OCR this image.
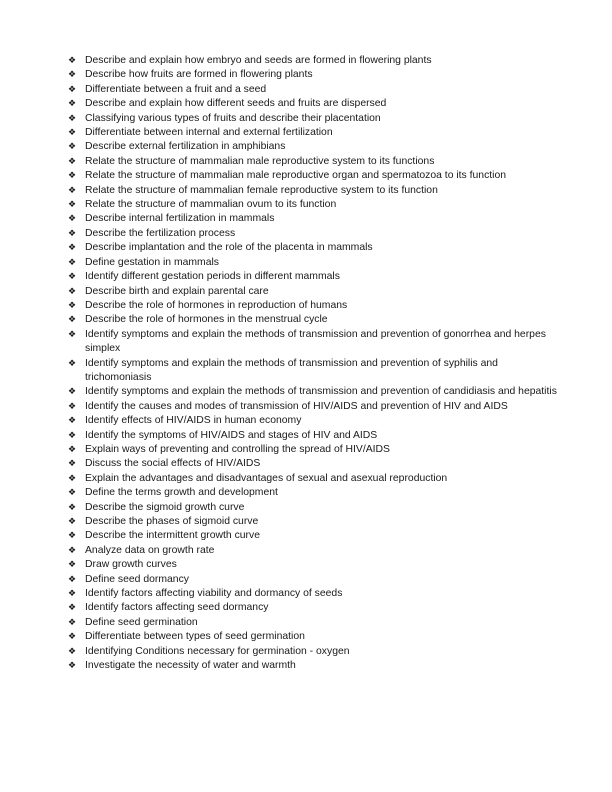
❖ Describe and explain how embryo and seeds are formed in flowering plants
❖ Describe how fruits are formed in flowering plants
❖ Differentiate between a fruit and a seed
❖ Describe and explain how different seeds and fruits are dispersed
❖ Classifying various types of fruits and describe their placentation
❖ Differentiate between internal and external fertilization
❖ Describe external fertilization in amphibians
❖ Relate the structure of mammalian male reproductive system to its functions
❖ Relate the structure of mammalian male reproductive organ and spermatozoa to its function
❖ Relate the structure of mammalian female reproductive system to its function
❖ Relate the structure of mammalian ovum to its function
❖ Describe internal fertilization in mammals
❖ Describe the fertilization process
❖ Describe implantation and the role of the placenta in mammals
❖ Define gestation in mammals
❖ Identify different gestation periods in different mammals
❖ Describe birth and explain parental care
❖ Describe the role of hormones in reproduction of humans
❖ Describe the role of hormones in the menstrual cycle
❖ Identify symptoms and explain the methods of transmission and prevention of gonorrhea and herpes simplex
❖ Identify symptoms and explain the methods of transmission and prevention of syphilis and trichomoniasis
❖ Identify symptoms and explain the methods of transmission and prevention of candidiasis and hepatitis
❖ Identify the causes and modes of transmission of HIV/AIDS and prevention of HIV and AIDS
❖ Identify effects of HIV/AIDS in human economy
❖ Identify the symptoms of HIV/AIDS and stages of HIV and AIDS
❖ Explain ways of preventing and controlling the spread of HIV/AIDS
❖ Discuss the social effects of HIV/AIDS
❖ Explain the advantages and disadvantages of sexual and asexual reproduction
❖ Define the terms growth and development
❖ Describe the sigmoid growth curve
❖ Describe the phases of sigmoid curve
❖ Describe the intermittent growth curve
❖ Analyze data on growth rate
❖ Draw growth curves
❖ Define seed dormancy
❖ Identify factors affecting viability and dormancy of seeds
❖ Identify factors affecting seed dormancy
❖ Define seed germination
❖ Differentiate between types of seed germination
❖ Identifying Conditions necessary for germination - oxygen
❖ Investigate the necessity of water and warmth
